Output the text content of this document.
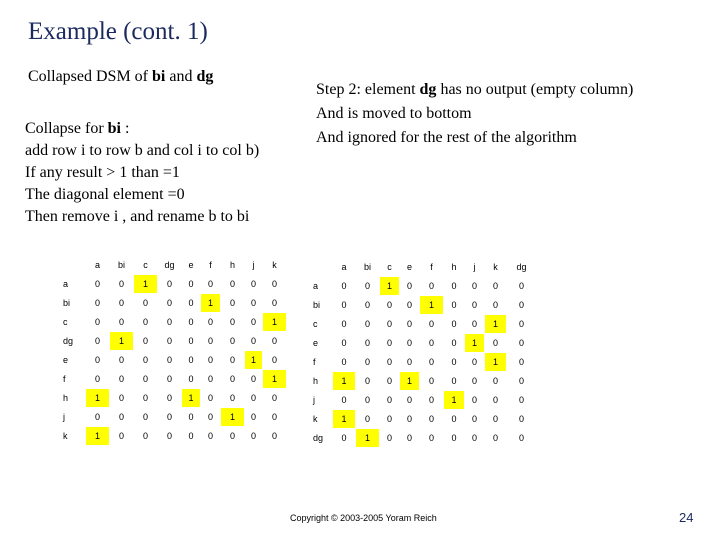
Example (cont. 1)
Collapsed DSM of bi and dg
Collapse for bi :
add row i to row b and col i to col b)
If any result > 1 than =1
The diagonal element =0
Then remove i , and rename b to bi
Step 2: element dg has no output (empty column)
And is moved to bottom
And ignored for the rest of the algorithm
	a	bi	c	dg	e	f	h	j	k
a	0	0	1	0	0	0	0	0	0
bi	0	0	0	0	0	1	0	0	0
c	0	0	0	0	0	0	0	0	1
dg	0	1	0	0	0	0	0	0	0
e	0	0	0	0	0	0	0	1	0
f	0	0	0	0	0	0	0	0	1
h	1	0	0	0	1	0	0	0	0
j	0	0	0	0	0	0	1	0	0
k	1	0	0	0	0	0	0	0	0
	a	bi	c	e	f	h	j	k	dg
a	0	0	1	0	0	0	0	0	0
bi	0	0	0	0	1	0	0	0	0
c	0	0	0	0	0	0	0	1	0
e	0	0	0	0	0	0	1	0	0
f	0	0	0	0	0	0	0	1	0
h	1	0	0	1	0	0	0	0	0
j	0	0	0	0	0	1	0	0	0
k	1	0	0	0	0	0	0	0	0
dg	0	1	0	0	0	0	0	0	0
Copyright © 2003-2005 Yoram Reich	24
